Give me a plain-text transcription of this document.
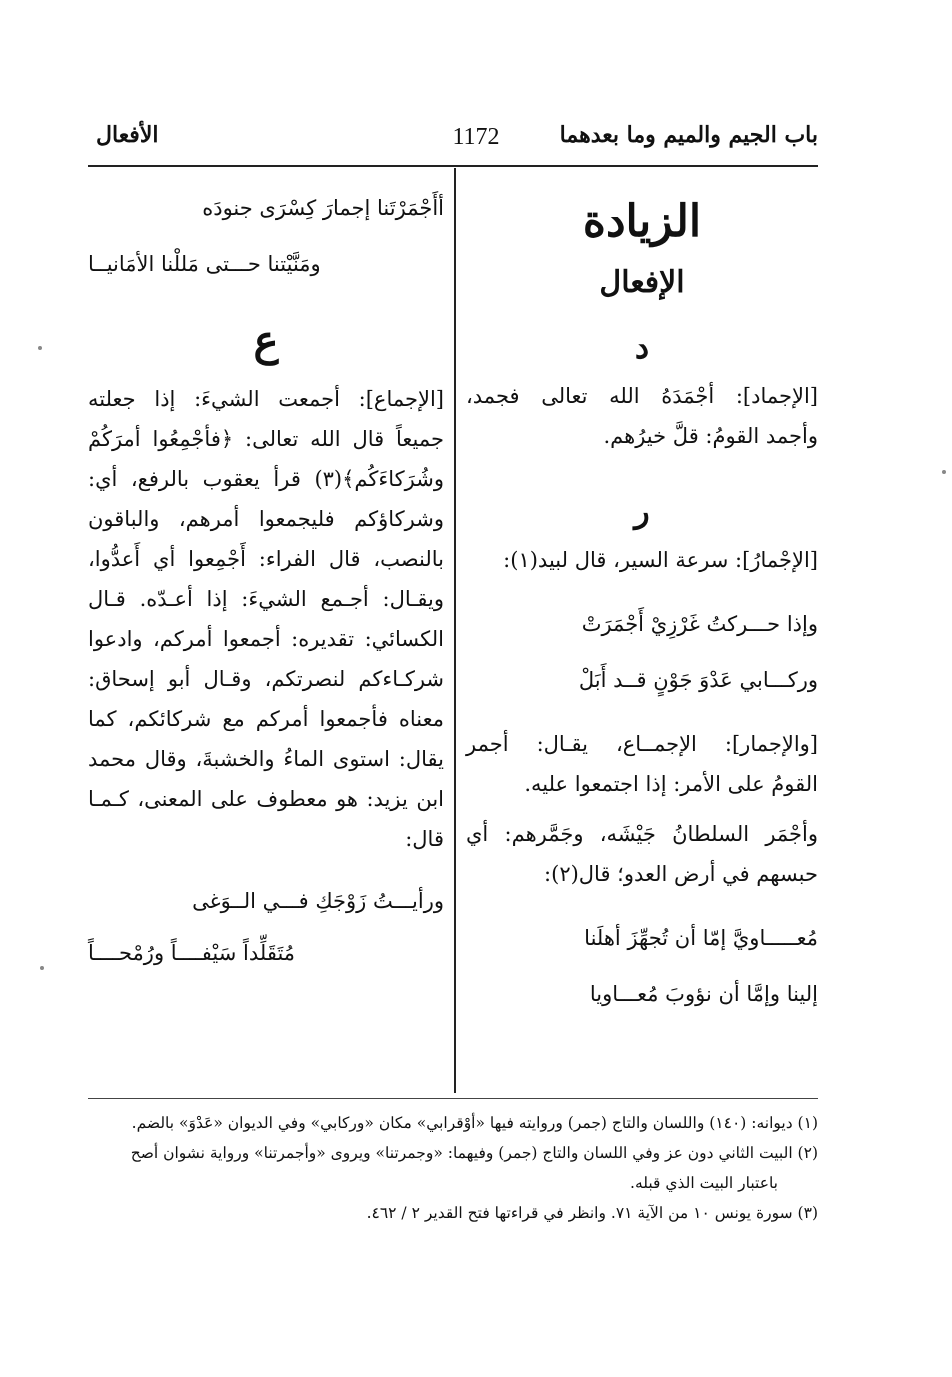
باب الجيم والميم وما بعدهما
1172
الأفعال
الزيادة
الإفعال
د
[الإجماد]: أجْمَدَهُ الله تعالى فجمد،
وأجمد القومُ: قلَّ خيرُهم.
ر
[الإجْمارُ]: سرعة السير، قال لبيد(١):
وإذا حـــركتُ غَرْزِيْ أَجْمَرَتْ
وركـــابي عَدْوَ جَوْنٍ قــد أَبَلْ
[والإجمار]: الإجمــاع، يقـال: أجمر
القومُ على الأمر: إذا اجتمعوا عليه.
وأجْمَر السلطانُ جَيْشَه، وجَمَّرهم: أي
حبسهم في أرض العدو؛ قال(٢):
مُعـــــاويَّ إمّا أن تُجهِّزَ أهلَنا
إلينا وإمَّا أن نؤوبَ مُعـــاويا
أأَجْمَرْتَنا إجمارَ كِسْرَى جنودَه
ومَنَّيْتنا حـــتى مَللْنا الأمَانيــا
ع
[الإجماع]: أجمعت الشيءَ: إذا جعلته
جميعاً قال الله تعالى: ﴿فأجْمِعُوا أمرَكُمْ
وشُرَكاءَكُم﴾(٣) قرأ يعقوب بالرفع، أي:
وشركاؤكم فليجمعوا أمرهم، والباقون
بالنصب، قال الفراء: أَجْمِعوا أي أَعدُّوا،
ويقـال: أجـمع الشيءَ: إذا أعـدّه. قـال
الكسائي: تقديره: أجمعوا أمركم، وادعوا
شركـاءكم لنصرتكم، وقـال أبو إسحاق:
معناه فأجمعوا أمركم مع شركائكم، كما
يقال: استوى الماءُ والخشبةَ، وقال محمد
ابن يزيد: هو معطوف على المعنى، كـمـا
قال:
ورأيـــتُ زَوْجَكِ فـــي الــوَغى
مُتَقَلِّداً سَيْفــــاً ورُمْحــــاً
(١) ديوانه: (١٤٠) واللسان والتاج (جمر) وروايته فيها «أوْقرابي» مكان «وركابي» وفي الديوان «عَدْوَ» بالضم.
(٢) البيت الثاني دون عز وفي اللسان والتاج (جمر) وفيهما: «وجمرتنا» ويروى «وأجمرتنا» ورواية نشوان أصح
باعتبار البيت الذي قبله.
(٣) سورة يونس ١٠ من الآية ٧١. وانظر في قراءتها فتح القدير ٢ / ٤٦٢.
